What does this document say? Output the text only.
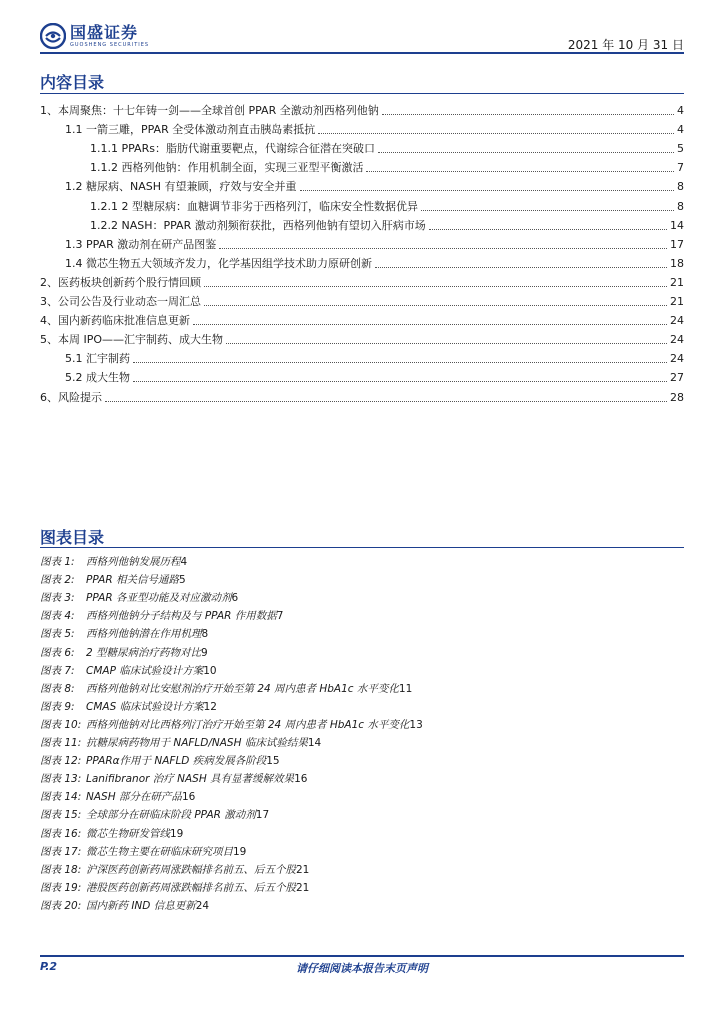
国盛证券
GUOSHENG SECURITIES	2021 年 10 月 31 日
内容目录
1、本周聚焦：十七年铸一剑——全球首创 PPAR 全激动剂西格列他钠	4
1.1 一箭三雕，PPAR 全受体激动剂直击胰岛素抵抗	4
1.1.1 PPARs：脂肪代谢重要靶点，代谢综合征潜在突破口	5
1.1.2 西格列他钠：作用机制全面，实现三亚型平衡激活	7
1.2 糖尿病、NASH 有望兼顾，疗效与安全并重	8
1.2.1 2 型糖尿病：血糖调节非劣于西格列汀，临床安全性数据优异	8
1.2.2 NASH：PPAR 激动剂频衔获批，西格列他钠有望切入肝病市场	14
1.3 PPAR 激动剂在研产品图鉴	17
1.4 微芯生物五大领域齐发力，化学基因组学技术助力原研创新	18
2、医药板块创新药个股行情回顾	21
3、公司公告及行业动态一周汇总	21
4、国内新药临床批准信息更新	24
5、本周 IPO——汇宇制药、成大生物	24
5.1 汇宇制药	24
5.2 成大生物	27
6、风险提示	28
图表目录
图表 1:	西格列他钠发展历程 4
图表 2:	PPAR 相关信号通路 5
图表 3:	PPAR 各亚型功能及对应激动剂 6
图表 4:	西格列他钠分子结构及与 PPAR 作用数据 7
图表 5:	西格列他钠潜在作用机理 8
图表 6:	2 型糖尿病治疗药物对比 9
图表 7:	CMAP 临床试验设计方案 10
图表 8:	西格列他钠对比安慰剂治疗开始至第 24 周内患者 HbA1c 水平变化 11
图表 9:	CMAS 临床试验设计方案 12
图表 10: 西格列他钠对比西格列汀治疗开始至第 24 周内患者 HbA1c 水平变化 13
图表 11: 抗糖尿病药物用于 NAFLD/NASH 临床试验结果 14
图表 12: PPARα作用于 NAFLD 疾病发展各阶段 15
图表 13: Lanifibranor 治疗 NASH 具有显著缓解效果 16
图表 14: NASH 部分在研产品 16
图表 15: 全球部分在研临床阶段 PPAR 激动剂 17
图表 16: 微芯生物研发管线 19
图表 17: 微芯生物主要在研临床研究项目 19
图表 18: 沪深医药创新药周涨跌幅排名前五、后五个股 21
图表 19: 港股医药创新药周涨跌幅排名前五、后五个股 21
图表 20: 国内新药 IND 信息更新 24
P.2	请仔细阅读本报告末页声明
